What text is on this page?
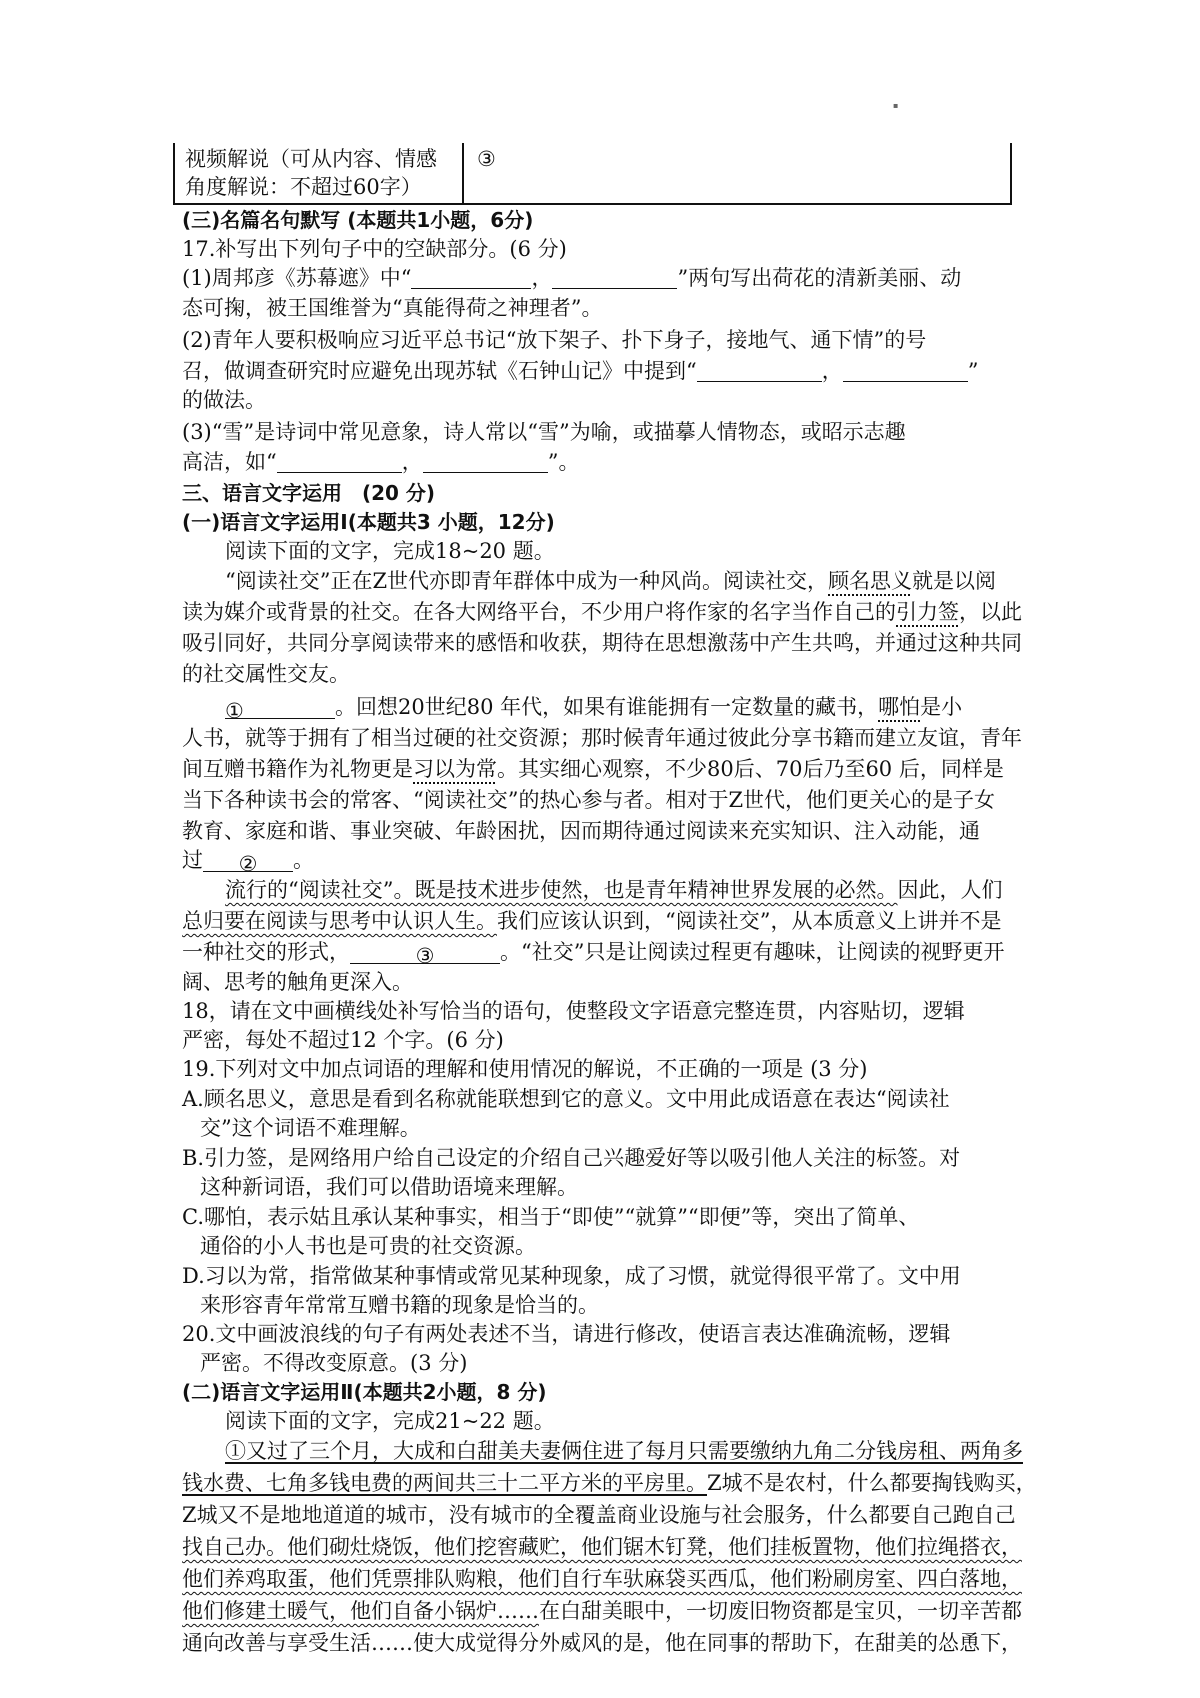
▪
视频解说（可从内容、情感
角度解说：不超过60字）
③
(三)名篇名句默写 (本题共1小题，6分)
17.补写出下列句子中的空缺部分。(6 分)
(1)周邦彦《苏幕遮》中“	，	”两句写出荷花的清新美丽、动
态可掬，被王国维誉为“真能得荷之神理者”。
(2)青年人要积极响应习近平总书记“放下架子、扑下身子，接地气、通下情”的号
召，做调查研究时应避免出现苏轼《石钟山记》中提到“	，	”
的做法。
(3)“雪”是诗词中常见意象，诗人常以“雪”为喻，或描摹人情物态，或昭示志趣
高洁，如“	，	”。
三、语言文字运用　(20 分)
(一)语言文字运用Ⅰ(本题共3 小题，12分)
阅读下面的文字，完成18~20 题。
“阅读社交”正在Z世代亦即青年群体中成为一种风尚。阅读社交，顾名思义就是以阅
读为媒介或背景的社交。在各大网络平台，不少用户将作家的名字当作自己的引力签，以此
吸引同好，共同分享阅读带来的感悟和收获，期待在思想激荡中产生共鸣，并通过这种共同
的社交属性交友。
①	。回想20世纪80 年代，如果有谁能拥有一定数量的藏书，哪怕是小
人书，就等于拥有了相当过硬的社交资源；那时候青年通过彼此分享书籍而建立友谊，青年
间互赠书籍作为礼物更是习以为常。其实细心观察，不少80后、70后乃至60 后，同样是
当下各种读书会的常客、“阅读社交”的热心参与者。相对于Z世代，他们更关心的是子女
教育、家庭和谐、事业突破、年龄困扰，因而期待通过阅读来充实知识、注入动能，通
过 ② 。
流行的“阅读社交”。既是技术进步使然，也是青年精神世界发展的必然。因此，人们
总归要在阅读与思考中认识人生。我们应该认识到，“阅读社交”，从本质意义上讲并不是
一种社交的形式，	③	。“社交”只是让阅读过程更有趣味，让阅读的视野更开
阔、思考的触角更深入。
18，请在文中画横线处补写恰当的语句，使整段文字语意完整连贯，内容贴切，逻辑
严密，每处不超过12 个字。(6 分)
19.下列对文中加点词语的理解和使用情况的解说，不正确的一项是 (3 分)
A.顾名思义，意思是看到名称就能联想到它的意义。文中用此成语意在表达“阅读社
交”这个词语不难理解。
B.引力签，是网络用户给自己设定的介绍自己兴趣爱好等以吸引他人关注的标签。对
这种新词语，我们可以借助语境来理解。
C.哪怕，表示姑且承认某种事实，相当于“即使”“就算”“即便”等，突出了简单、
通俗的小人书也是可贵的社交资源。
D.习以为常，指常做某种事情或常见某种现象，成了习惯，就觉得很平常了。文中用
来形容青年常常互赠书籍的现象是恰当的。
20.文中画波浪线的句子有两处表述不当，请进行修改，使语言表达准确流畅，逻辑
严密。不得改变原意。(3 分)
(二)语言文字运用Ⅱ(本题共2小题，8 分)
阅读下面的文字，完成21~22 题。
①又过了三个月，大成和白甜美夫妻俩住进了每月只需要缴纳九角二分钱房租、两角多
钱水费、七角多钱电费的两间共三十二平方米的平房里。Z城不是农村，什么都要掏钱购买，
Z城又不是地地道道的城市，没有城市的全覆盖商业设施与社会服务，什么都要自己跑自己
找自己办。他们砌灶烧饭，他们挖窖藏贮，他们锯木钉凳，他们挂板置物，他们拉绳搭衣，
他们养鸡取蛋，他们凭票排队购粮，他们自行车驮麻袋买西瓜，他们粉刷房室、四白落地，
他们修建土暖气，他们自备小锅炉……在白甜美眼中，一切废旧物资都是宝贝，一切辛苦都
通向改善与享受生活……使大成觉得分外威风的是，他在同事的帮助下，在甜美的怂恿下，
